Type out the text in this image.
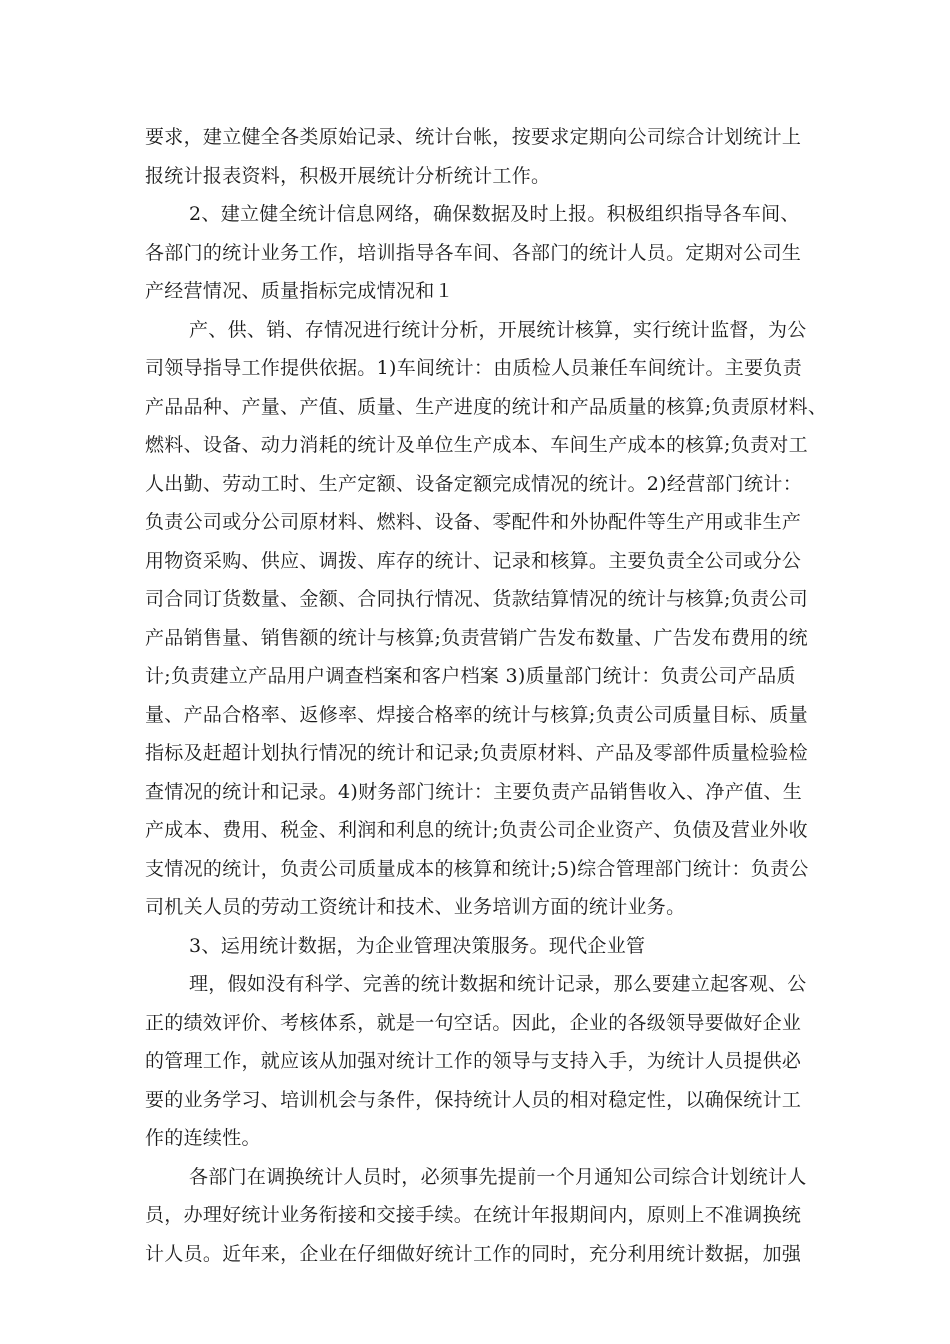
要求，建立健全各类原始记录、统计台帐，按要求定期向公司综合计划统计上
报统计报表资料，积极开展统计分析统计工作。
2、建立健全统计信息网络，确保数据及时上报。积极组织指导各车间、
各部门的统计业务工作，培训指导各车间、各部门的统计人员。定期对公司生
产经营情况、质量指标完成情况和１
产、供、销、存情况进行统计分析，开展统计核算，实行统计监督，为公
司领导指导工作提供依据。1)车间统计：由质检人员兼任车间统计。主要负责
产品品种、产量、产值、质量、生产进度的统计和产品质量的核算;负责原材料、
燃料、设备、动力消耗的统计及单位生产成本、车间生产成本的核算;负责对工
人出勤、劳动工时、生产定额、设备定额完成情况的统计。2)经营部门统计：
负责公司或分公司原材料、燃料、设备、零配件和外协配件等生产用或非生产
用物资采购、供应、调拨、库存的统计、记录和核算。主要负责全公司或分公
司合同订货数量、金额、合同执行情况、货款结算情况的统计与核算;负责公司
产品销售量、销售额的统计与核算;负责营销广告发布数量、广告发布费用的统
计;负责建立产品用户调查档案和客户档案 3)质量部门统计：负责公司产品质
量、产品合格率、返修率、焊接合格率的统计与核算;负责公司质量目标、质量
指标及赶超计划执行情况的统计和记录;负责原材料、产品及零部件质量检验检
查情况的统计和记录。4)财务部门统计：主要负责产品销售收入、净产值、生
产成本、费用、税金、利润和利息的统计;负责公司企业资产、负债及营业外收
支情况的统计，负责公司质量成本的核算和统计;5)综合管理部门统计：负责公
司机关人员的劳动工资统计和技术、业务培训方面的统计业务。
3、运用统计数据，为企业管理决策服务。现代企业管
理，假如没有科学、完善的统计数据和统计记录，那么要建立起客观、公
正的绩效评价、考核体系，就是一句空话。因此，企业的各级领导要做好企业
的管理工作，就应该从加强对统计工作的领导与支持入手，为统计人员提供必
要的业务学习、培训机会与条件，保持统计人员的相对稳定性，以确保统计工
作的连续性。
各部门在调换统计人员时，必须事先提前一个月通知公司综合计划统计人
员，办理好统计业务衔接和交接手续。在统计年报期间内，原则上不准调换统
计人员。近年来，企业在仔细做好统计工作的同时，充分利用统计数据，加强
